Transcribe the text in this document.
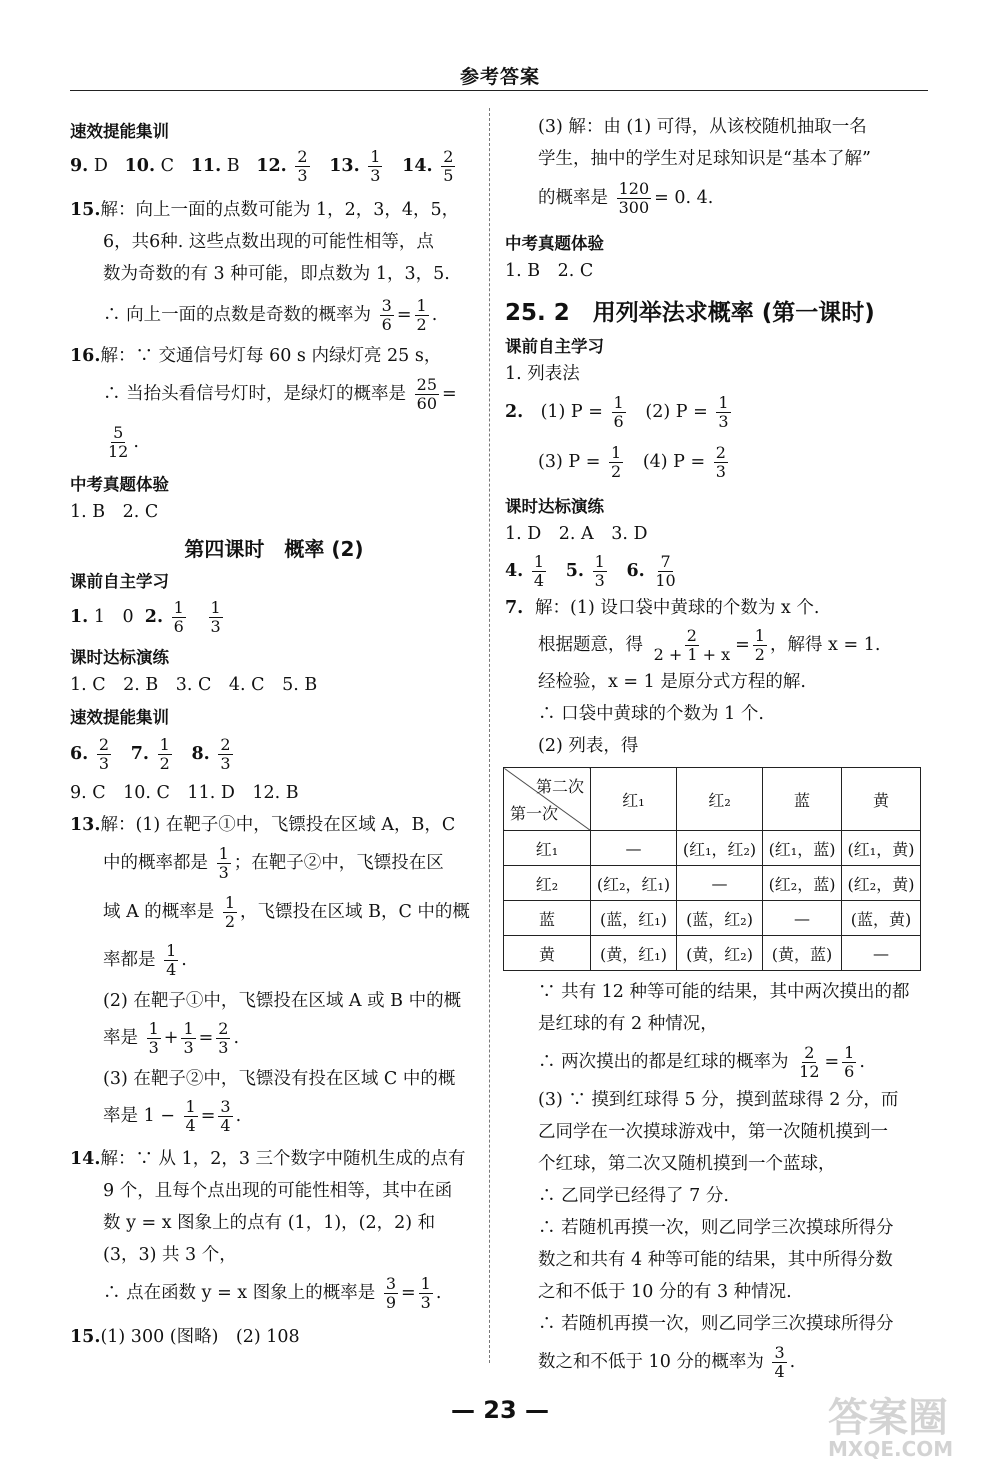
参考答案
速效提能集训
9. D 10. C 11. B 12. $\frac{2}{3} 13$. $\frac{1}{3} 14$. $\frac{2}{5}$
15.解：向上一面的点数可能为 1，2，3，4，5，
6，共6种. 这些点数出现的可能性相等，点
数为奇数的有 3 种可能，即点数为 1，3，5.
∴ 向上一面的点数是奇数的概率为 $\frac{3}{6} = \frac{1}{2}$ .
16.解：∵ 交通信号灯每 60 s 内绿灯亮 25 s，
∴ 当抬头看信号灯时，是绿灯的概率是 $\frac{25}{60}$ =
$\frac{5}{12}$ .
中考真题体验
1. B　2. C
第四课时　概率 (2)
课前自主学习
1. 1　0 2. $\frac{1}{6}$
$\frac{1}{3}$
课时达标演练
1. C　2. B　3. C　4. C　5. B
速效提能集训
6. $\frac{2}{3} 7$. $\frac{1}{2} 8$. $\frac{2}{3}$
9. C　10. C　11. D　12. B
13.解：(1) 在靶子①中，飞镖投在区域 A，B，C
中的概率都是 $\frac{1}{3}$ ；在靶子②中，飞镖投在区
域 A 的概率是 $\frac{1}{2}$ ，飞镖投在区域 B，C 中的概
率都是 $\frac{1}{4}$ .
(2) 在靶子①中，飞镖投在区域 A 或 B 中的概
率是 $\frac{1}{3} + \frac{1}{3} = \frac{2}{3}$ .
(3) 在靶子②中，飞镖没有投在区域 C 中的概
率是 $1 - \frac{1}{4} = \frac{3}{4}$ .
14.解：∵ 从 1，2，3 三个数字中随机生成的点有
9 个，且每个点出现的可能性相等，其中在函
数 y = x 图象上的点有 (1，1)，(2，2) 和
(3，3) 共 3 个，
∴ 点在函数 y = x 图象上的概率是 $\frac{3}{9} = \frac{1}{3}$ .
15.(1) 300 (图略)　(2) 108
(3) 解：由 (1) 可得，从该校随机抽取一名
学生，抽中的学生对足球知识是“基本了解”
的概率是 $\frac{120}{300} = 0$. 4.
中考真题体验
1. B　2. C
25. 2　用列举法求概率 (第一课时)
课前自主学习
1. 列表法
2. (1) $P = \frac{1}{6} (2) P = \frac{1}{3}$
(3) $P = \frac{1}{2} (4) P = \frac{2}{3}$
课时达标演练
1. D　2. A　3. D
4. $\frac{1}{4} 5$. $\frac{1}{3} 6$. $\frac{7}{10}$
7. 解：(1) 设口袋中黄球的个数为 x 个.
根据题意，得 $\frac{2}{2 + 1 + x} = \frac{1}{2}$ ，解得 x = 1.
经检验，x = 1 是原分式方程的解.
∴ 口袋中黄球的个数为 1 个.
(2) 列表，得
第二次
第一次	红₁	红₂	蓝	黄
红₁	—	(红₁，红₂)	(红₁，蓝)	(红₁，黄)
红₂	(红₂，红₁)	—	(红₂，蓝)	(红₂，黄)
蓝	(蓝，红₁)	(蓝，红₂)	—	(蓝，黄)
黄	(黄，红₁)	(黄，红₂)	(黄，蓝)	—
∵ 共有 12 种等可能的结果，其中两次摸出的都
是红球的有 2 种情况，
∴ 两次摸出的都是红球的概率为 $\frac{2}{12} = \frac{1}{6}$ .
(3) ∵ 摸到红球得 5 分，摸到蓝球得 2 分，而
乙同学在一次摸球游戏中，第一次随机摸到一
个红球，第二次又随机摸到一个蓝球，
∴ 乙同学已经得了 7 分.
∴ 若随机再摸一次，则乙同学三次摸球所得分
数之和共有 4 种等可能的结果，其中所得分数
之和不低于 10 分的有 3 种情况.
∴ 若随机再摸一次，则乙同学三次摸球所得分
数之和不低于 10 分的概率为 $\frac{3}{4}$ .
— 23 —	答案圈
MXQE.COM
